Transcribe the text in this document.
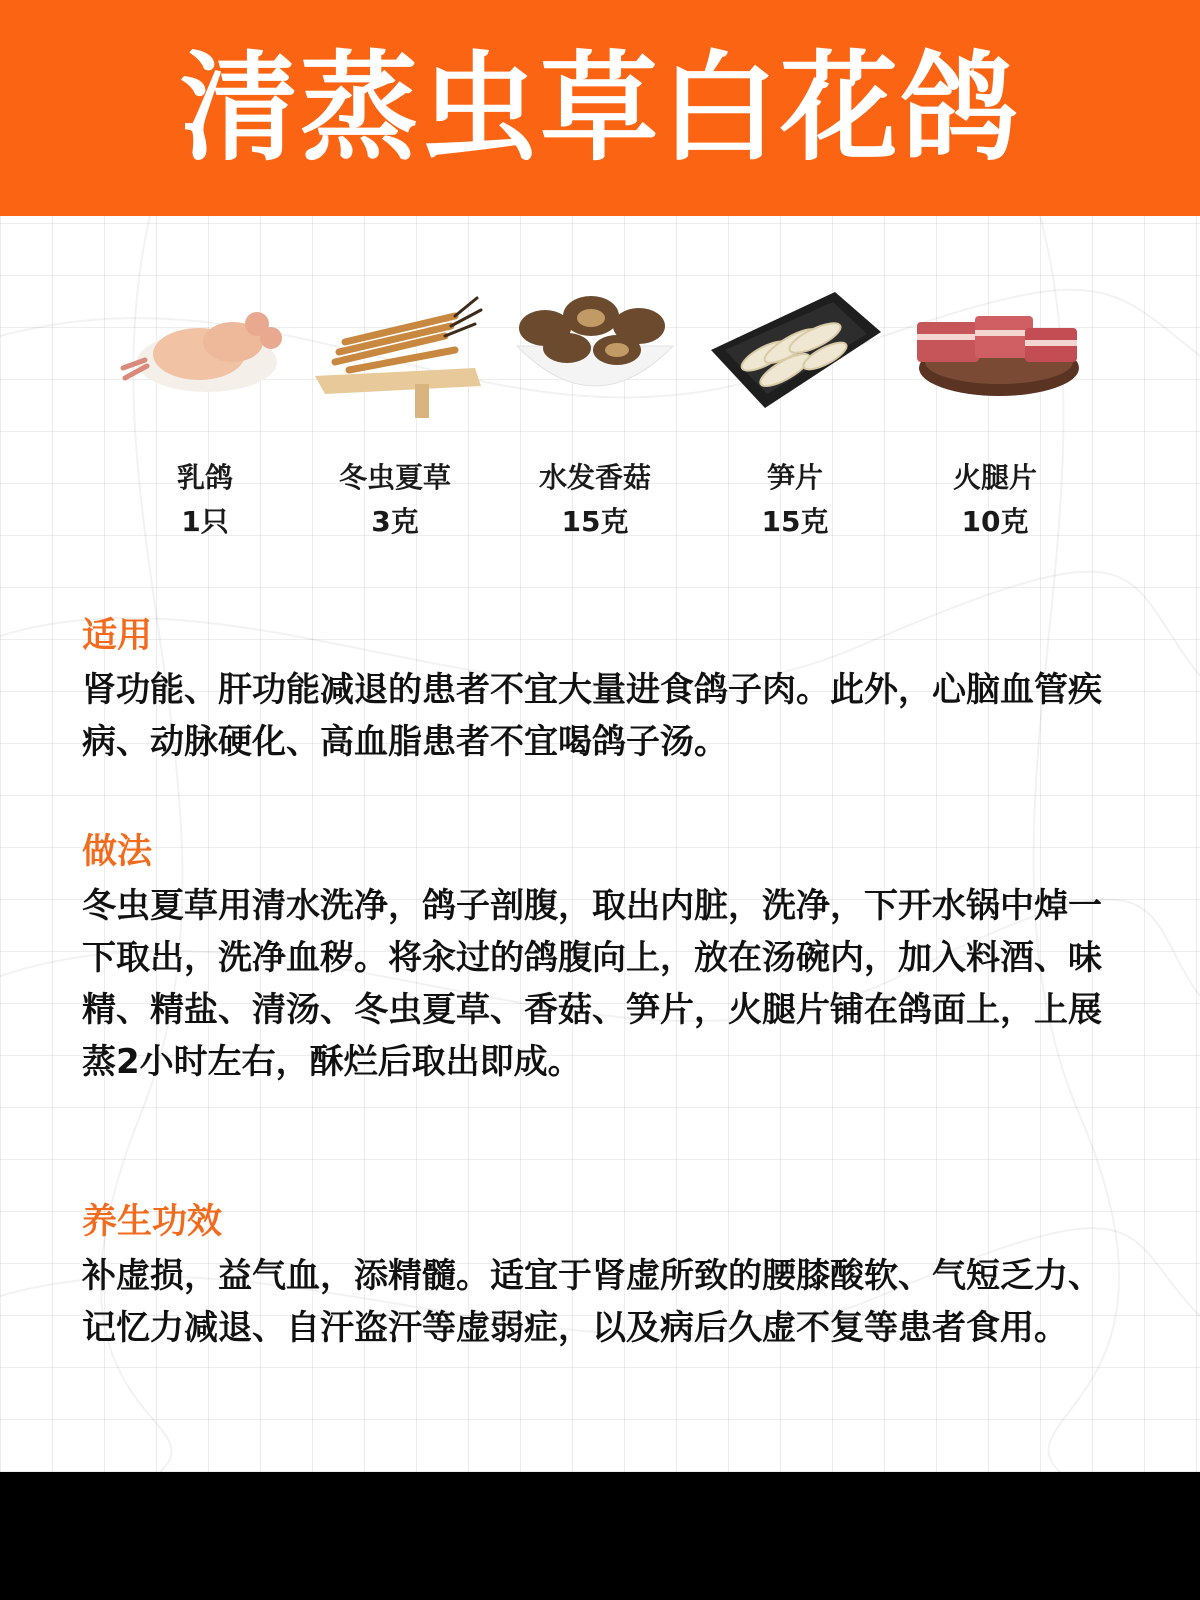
清蒸虫草白花鸽
乳鸽
1只
冬虫夏草
3克
水发香菇
15克
笋片
15克
火腿片
10克
适用

肾功能、肝功能减退的患者不宜大量进食鸽子肉。此外，心脑血管疾病、动脉硬化、高血脂患者不宜喝鸽子汤。

做法

冬虫夏草用清水洗净，鸽子剖腹，取出内脏，洗净，下开水锅中焯一下取出，洗净血秽。将汆过的鸽腹向上，放在汤碗内，加入料酒、味精、精盐、清汤、冬虫夏草、香菇、笋片，火腿片铺在鸽面上，上展蒸2小时左右，酥烂后取出即成。

养生功效

补虚损，益气血，添精髓。适宜于肾虚所致的腰膝酸软、气短乏力、记忆力减退、自汗盗汗等虚弱症，以及病后久虚不复等患者食用。
